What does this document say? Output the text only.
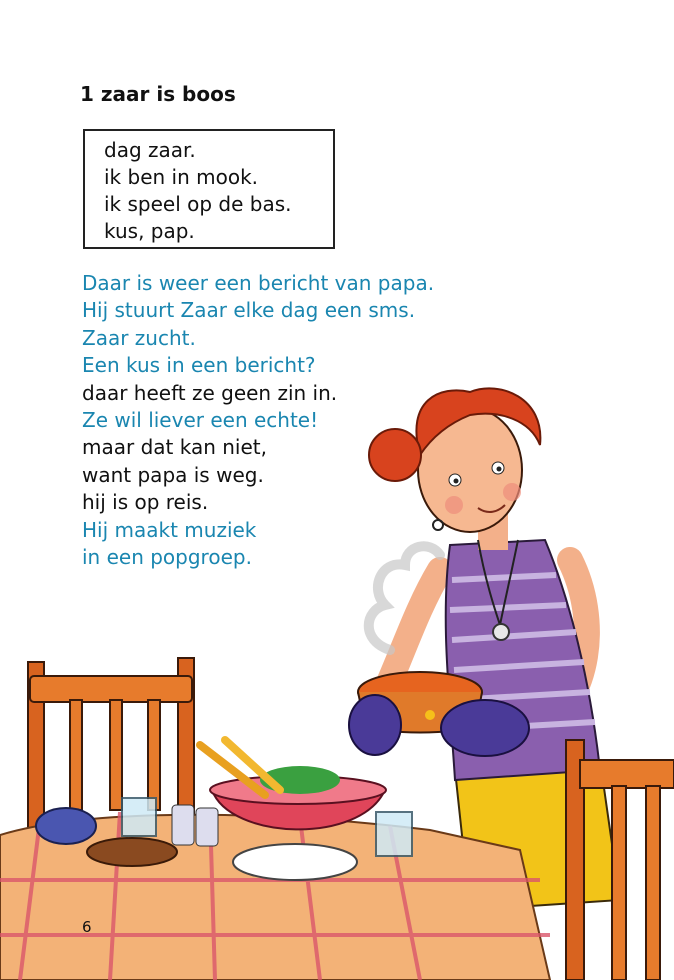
1 zaar is boos
dag zaar.
ik ben in mook.
ik speel op de bas.
kus, pap.
Daar is weer een bericht van papa.
Hij stuurt Zaar elke dag een sms.
Zaar zucht.
Een kus in een bericht?
daar heeft ze geen zin in.
Ze wil liever een echte!
maar dat kan niet,
want papa is weg.
hij is op reis.
Hij maakt muziek
in een popgroep.
6
